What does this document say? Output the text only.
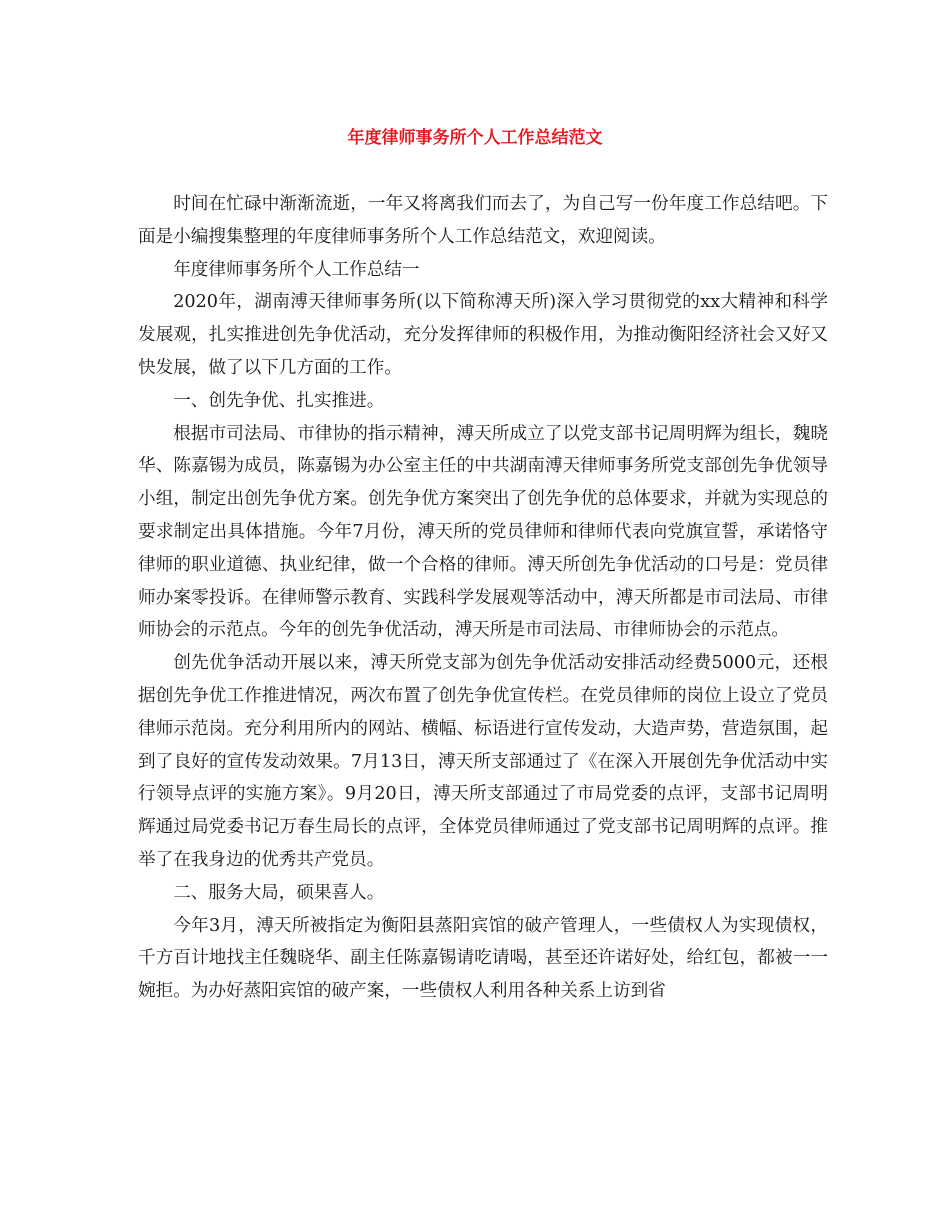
年度律师事务所个人工作总结范文

时间在忙碌中渐渐流逝，一年又将离我们而去了，为自己写一份年度工作总结吧。下面是小编搜集整理的年度律师事务所个人工作总结范文，欢迎阅读。

年度律师事务所个人工作总结一

2020年，湖南溥天律师事务所(以下简称溥天所)深入学习贯彻党的xx大精神和科学发展观，扎实推进创先争优活动，充分发挥律师的积极作用，为推动衡阳经济社会又好又快发展，做了以下几方面的工作。

一、创先争优、扎实推进。

根据市司法局、市律协的指示精神，溥天所成立了以党支部书记周明辉为组长，魏晓华、陈嘉锡为成员，陈嘉锡为办公室主任的中共湖南溥天律师事务所党支部创先争优领导小组，制定出创先争优方案。创先争优方案突出了创先争优的总体要求，并就为实现总的要求制定出具体措施。今年7月份，溥天所的党员律师和律师代表向党旗宣誓，承诺恪守律师的职业道德、执业纪律，做一个合格的律师。溥天所创先争优活动的口号是：党员律师办案零投诉。在律师警示教育、实践科学发展观等活动中，溥天所都是市司法局、市律师协会的示范点。今年的创先争优活动，溥天所是市司法局、市律师协会的示范点。

创先优争活动开展以来，溥天所党支部为创先争优活动安排活动经费5000元，还根据创先争优工作推进情况，两次布置了创先争优宣传栏。在党员律师的岗位上设立了党员律师示范岗。充分利用所内的网站、横幅、标语进行宣传发动，大造声势，营造氛围，起到了良好的宣传发动效果。7月13日，溥天所支部通过了《在深入开展创先争优活动中实行领导点评的实施方案》。9月20日，溥天所支部通过了市局党委的点评，支部书记周明辉通过局党委书记万春生局长的点评，全体党员律师通过了党支部书记周明辉的点评。推举了在我身边的优秀共产党员。

二、服务大局，硕果喜人。

今年3月，溥天所被指定为衡阳县蒸阳宾馆的破产管理人，一些债权人为实现债权，千方百计地找主任魏晓华、副主任陈嘉锡请吃请喝，甚至还许诺好处，给红包，都被一一婉拒。为办好蒸阳宾馆的破产案，一些债权人利用各种关系上访到省
